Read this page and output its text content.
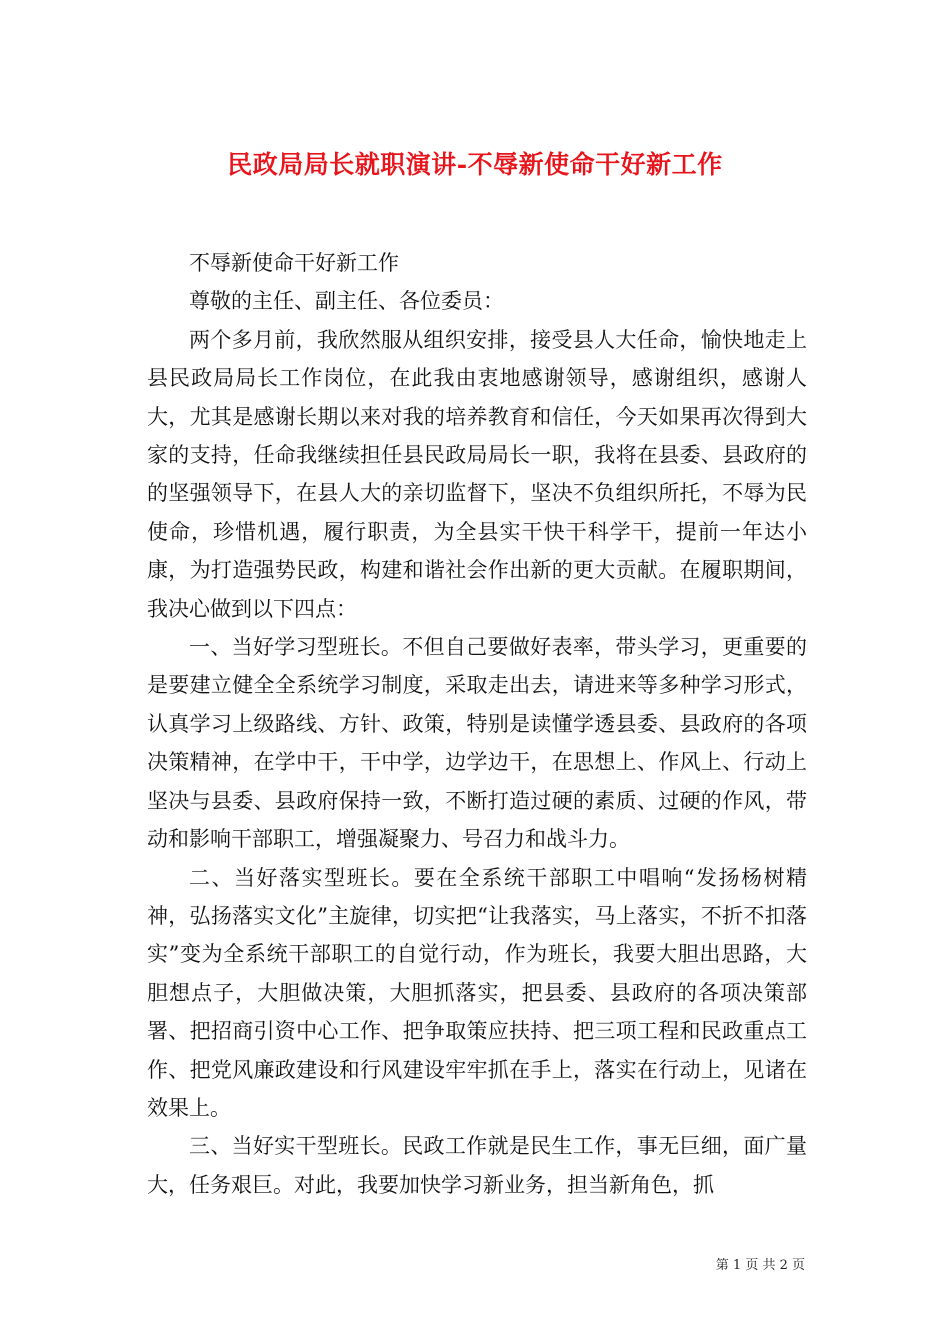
民政局局长就职演讲-不辱新使命干好新工作

不辱新使命干好新工作

尊敬的主任、副主任、各位委员：

两个多月前，我欣然服从组织安排，接受县人大任命，愉快地走上县民政局局长工作岗位，在此我由衷地感谢领导，感谢组织，感谢人大，尤其是感谢长期以来对我的培养教育和信任，今天如果再次得到大家的支持，任命我继续担任县民政局局长一职，我将在县委、县政府的的坚强领导下，在县人大的亲切监督下，坚决不负组织所托，不辱为民使命，珍惜机遇，履行职责，为全县实干快干科学干，提前一年达小康，为打造强势民政，构建和谐社会作出新的更大贡献。在履职期间，我决心做到以下四点：

一、当好学习型班长。不但自己要做好表率，带头学习，更重要的是要建立健全全系统学习制度，采取走出去，请进来等多种学习形式，认真学习上级路线、方针、政策，特别是读懂学透县委、县政府的各项决策精神，在学中干，干中学，边学边干，在思想上、作风上、行动上坚决与县委、县政府保持一致，不断打造过硬的素质、过硬的作风，带动和影响干部职工，增强凝聚力、号召力和战斗力。

二、当好落实型班长。要在全系统干部职工中唱响“发扬杨树精神，弘扬落实文化”主旋律，切实把“让我落实，马上落实，不折不扣落实”变为全系统干部职工的自觉行动，作为班长，我要大胆出思路，大胆想点子，大胆做决策，大胆抓落实，把县委、县政府的各项决策部署、把招商引资中心工作、把争取策应扶持、把三项工程和民政重点工作、把党风廉政建设和行风建设牢牢抓在手上，落实在行动上，见诸在效果上。

三、当好实干型班长。民政工作就是民生工作，事无巨细，面广量大，任务艰巨。对此，我要加快学习新业务，担当新角色，抓

第 1 页 共 2 页
